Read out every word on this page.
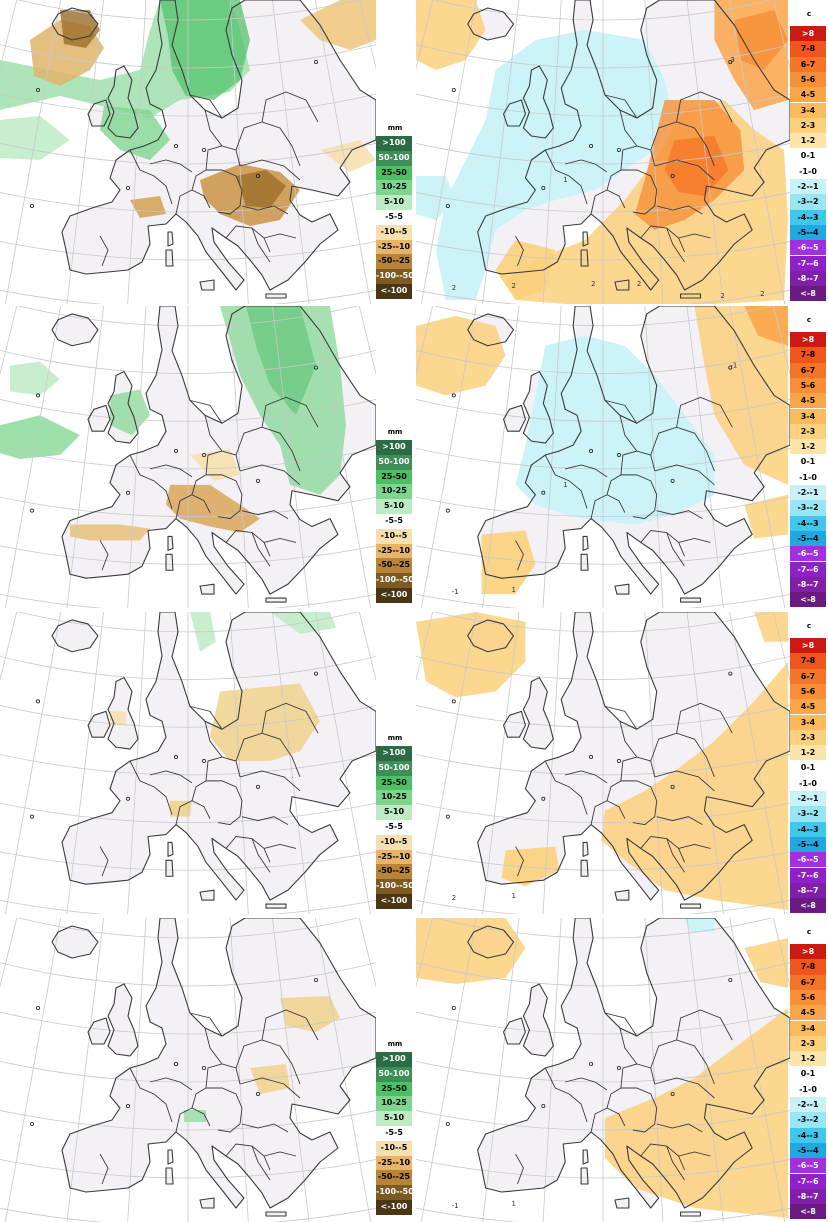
mm
>100
50-100
25-50
10-25
5-10
-5-5
-10--5
-25--10
-50--25
-100--50
<-100	2	2
1
3
2
2
2
2
c
>8
7-8
6-7
5-6
4-5
3-4
2-3
1-2
0-1
-1-0
-2--1
-3--2
-4--3
-5--4
-6--5
-7--6
-8--7
<-8
mm
>100
50-100
25-50
10-25
5-10
-5-5
-10--5
-25--10
-50--25
-100--50
<-100	-1	1
1
-1
c
>8
7-8
6-7
5-6
4-5
3-4
2-3
1-2
0-1
-1-0
-2--1
-3--2
-4--3
-5--4
-6--5
-7--6
-8--7
<-8
mm
>100
50-100
25-50
10-25
5-10
-5-5
-10--5
-25--10
-50--25
-100--50
<-100	2	1
c
>8
7-8
6-7
5-6
4-5
3-4
2-3
1-2
0-1
-1-0
-2--1
-3--2
-4--3
-5--4
-6--5
-7--6
-8--7
<-8
mm
>100
50-100
25-50
10-25
5-10
-5-5
-10--5
-25--10
-50--25
-100--50
<-100	-1	1
c
>8
7-8
6-7
5-6
4-5
3-4
2-3
1-2
0-1
-1-0
-2--1
-3--2
-4--3
-5--4
-6--5
-7--6
-8--7
<-8
